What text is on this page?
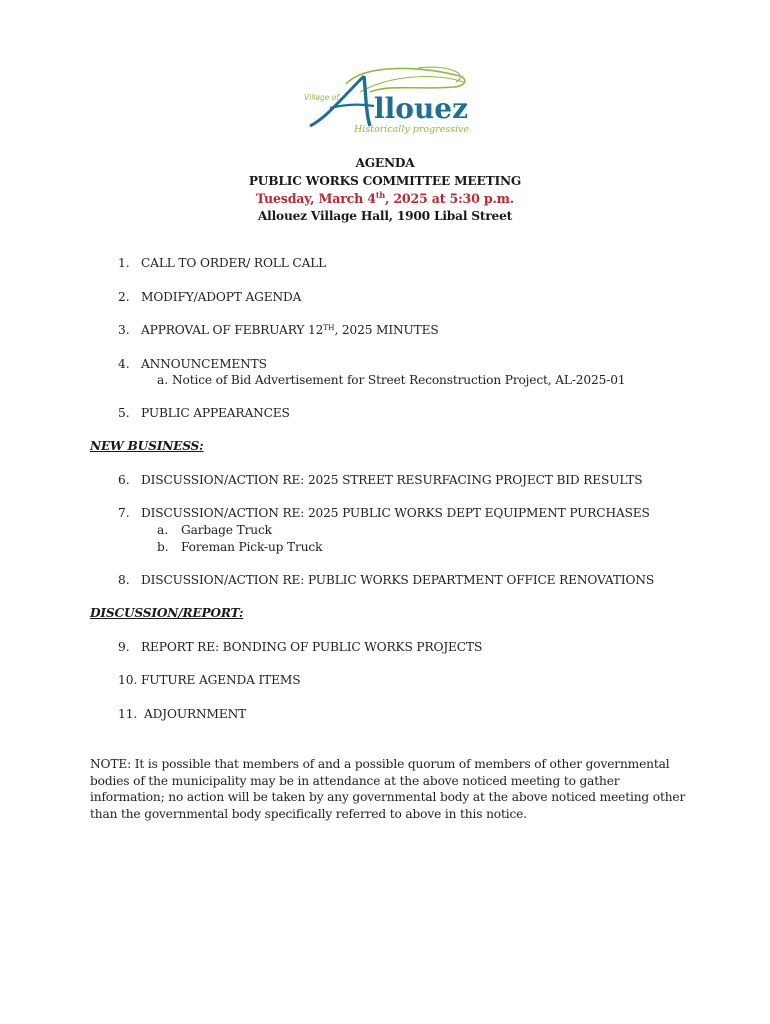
Village of llouez
Historically progressive
AGENDA
PUBLIC WORKS COMMITTEE MEETING
Tuesday, March 4th, 2025 at 5:30 p.m.
Allouez Village Hall, 1900 Libal Street
1. CALL TO ORDER/ ROLL CALL
2. MODIFY/ADOPT AGENDA
3. APPROVAL OF FEBRUARY 12TH, 2025 MINUTES
4. ANNOUNCEMENTS
a. Notice of Bid Advertisement for Street Reconstruction Project, AL-2025-01
5. PUBLIC APPEARANCES
NEW BUSINESS:
6. DISCUSSION/ACTION RE: 2025 STREET RESURFACING PROJECT BID RESULTS
7. DISCUSSION/ACTION RE: 2025 PUBLIC WORKS DEPT EQUIPMENT PURCHASES
a. Garbage Truck
b. Foreman Pick-up Truck
8. DISCUSSION/ACTION RE: PUBLIC WORKS DEPARTMENT OFFICE RENOVATIONS
DISCUSSION/REPORT:
9. REPORT RE: BONDING OF PUBLIC WORKS PROJECTS
10. FUTURE AGENDA ITEMS
11. ADJOURNMENT
NOTE: It is possible that members of and a possible quorum of members of other governmental
bodies of the municipality may be in attendance at the above noticed meeting to gather
information; no action will be taken by any governmental body at the above noticed meeting other
than the governmental body specifically referred to above in this notice.
